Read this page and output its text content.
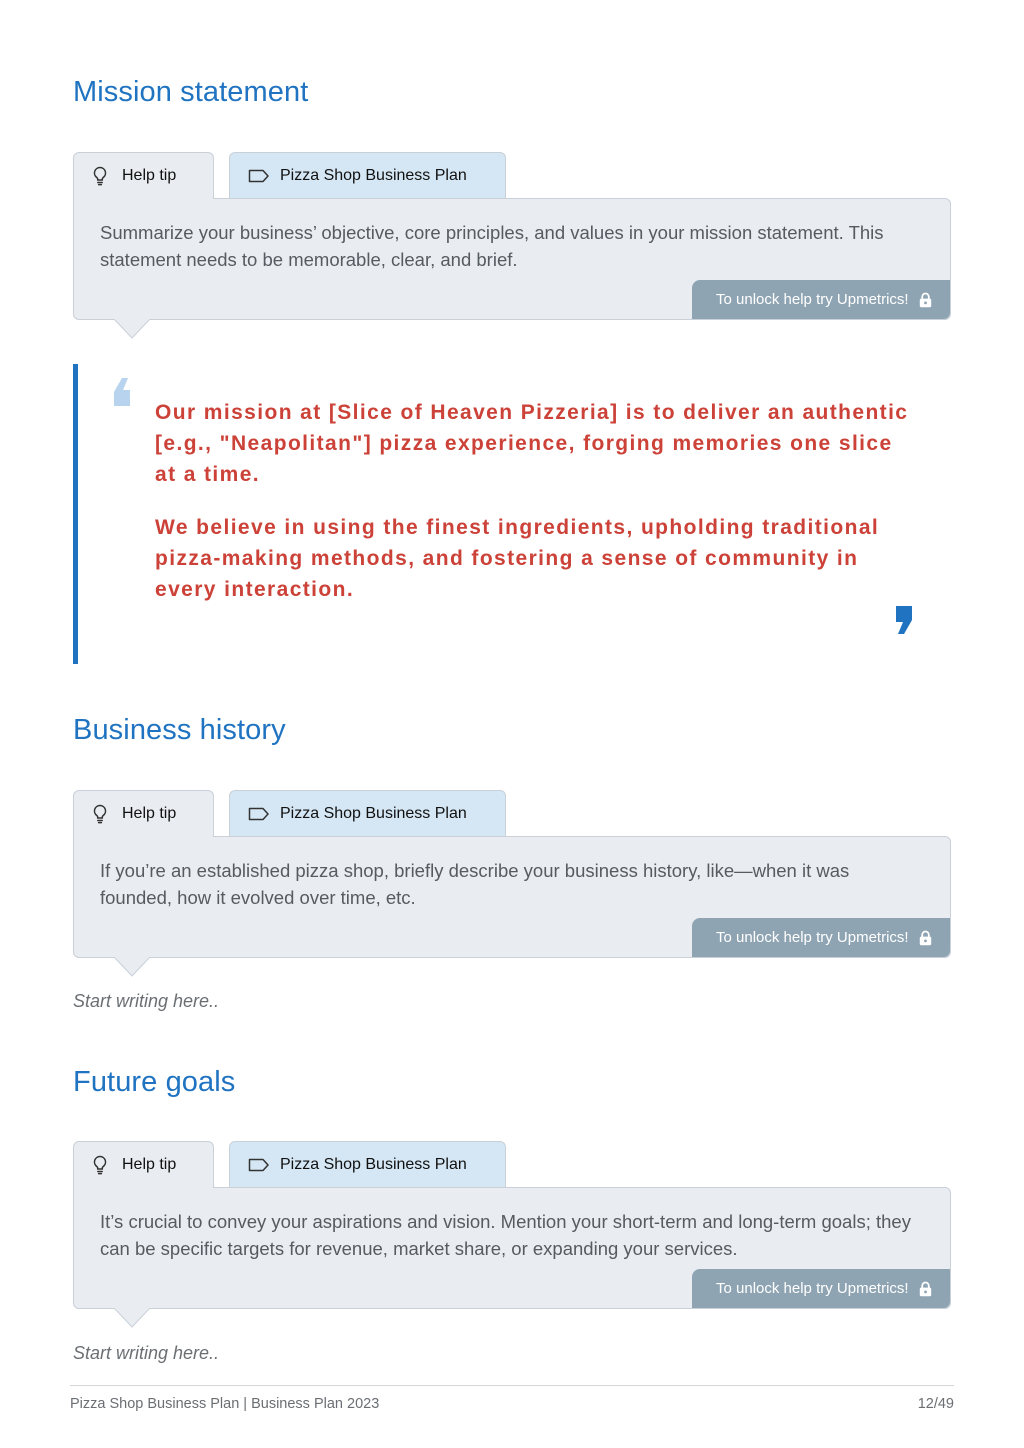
Mission statement
Help tip	Pizza Shop Business Plan

Summarize your business’ objective, core principles, and values in your mission statement. This statement needs to be memorable, clear, and brief.

To unlock help try Upmetrics!

Our mission at [Slice of Heaven Pizzeria] is to deliver an authentic [e.g., "Neapolitan"] pizza experience, forging memories one slice at a time.

We believe in using the finest ingredients, upholding traditional pizza-making methods, and fostering a sense of community in every interaction.

Business history
Help tip	Pizza Shop Business Plan

If you’re an established pizza shop, briefly describe your business history, like—when it was founded, how it evolved over time, etc.

To unlock help try Upmetrics!

Start writing here..

Future goals
Help tip	Pizza Shop Business Plan

It’s crucial to convey your aspirations and vision. Mention your short-term and long-term goals; they can be specific targets for revenue, market share, or expanding your services.

To unlock help try Upmetrics!

Start writing here..

Pizza Shop Business Plan | Business Plan 2023	12/49
